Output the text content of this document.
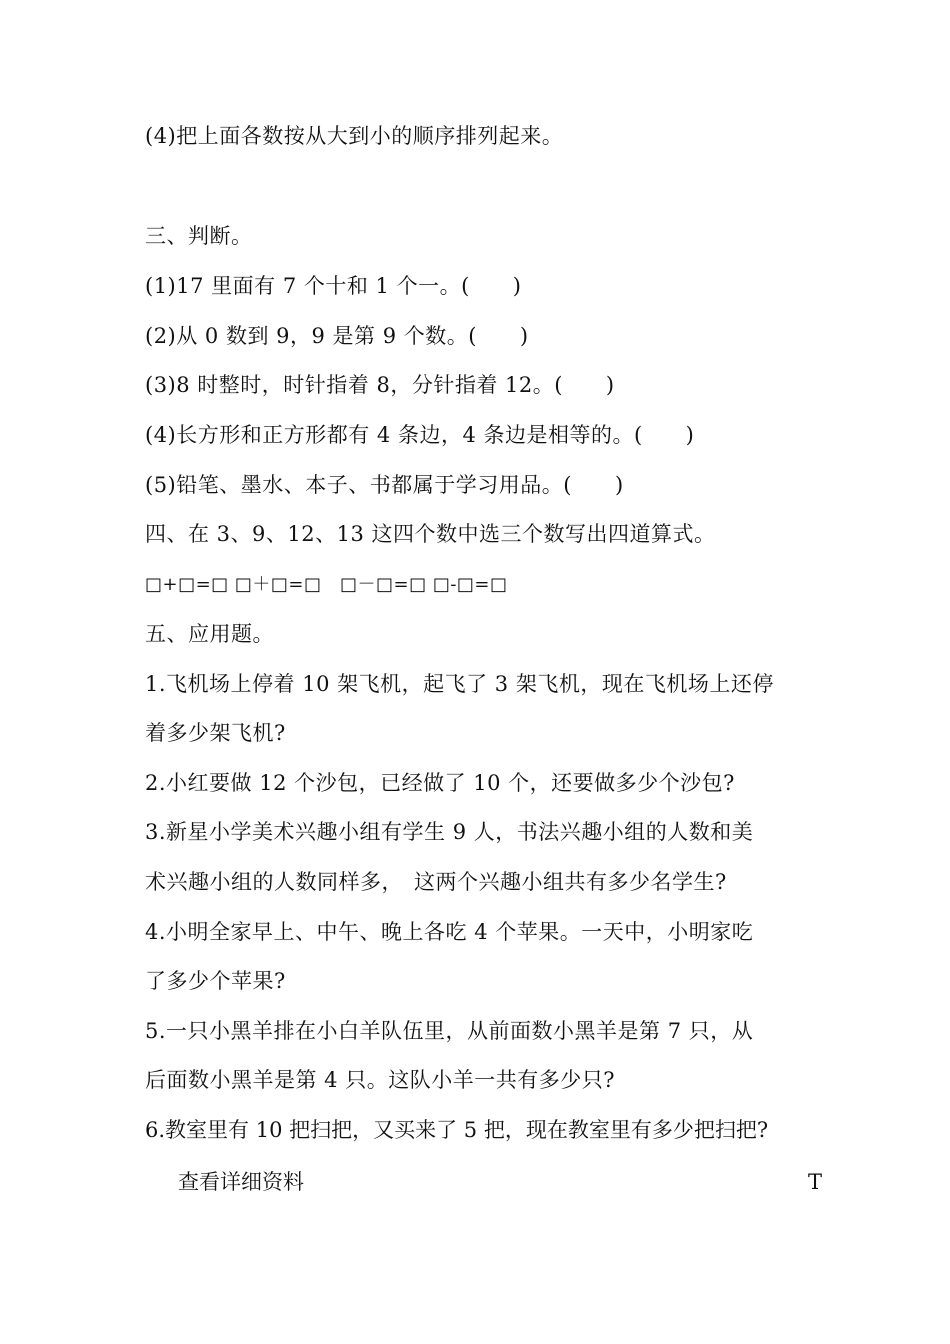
(4)把上面各数按从大到小的顺序排列起来。
三、判断。
(1)17 里面有 7 个十和 1 个一。(　　)
(2)从 0 数到 9，9 是第 9 个数。(　　)
(3)8 时整时，时针指着 8，分针指着 12。(　　)
(4)长方形和正方形都有 4 条边，4 条边是相等的。(　　)
(5)铅笔、墨水、本子、书都属于学习用品。(　　)
四、在 3、9、12、13 这四个数中选三个数写出四道算式。
□+□=□ □＋□=□　□－□=□ □-□=□
五、应用题。
1.飞机场上停着 10 架飞机，起飞了 3 架飞机，现在飞机场上还停
着多少架飞机?
2.小红要做 12 个沙包，已经做了 10 个，还要做多少个沙包?
3.新星小学美术兴趣小组有学生 9 人，书法兴趣小组的人数和美
术兴趣小组的人数同样多，　这两个兴趣小组共有多少名学生?
4.小明全家早上、中午、晚上各吃 4 个苹果。一天中，小明家吃
了多少个苹果?
5.一只小黑羊排在小白羊队伍里，从前面数小黑羊是第 7 只，从
后面数小黑羊是第 4 只。这队小羊一共有多少只?
6.教室里有 10 把扫把，又买来了 5 把，现在教室里有多少把扫把?
查看详细资料	T
